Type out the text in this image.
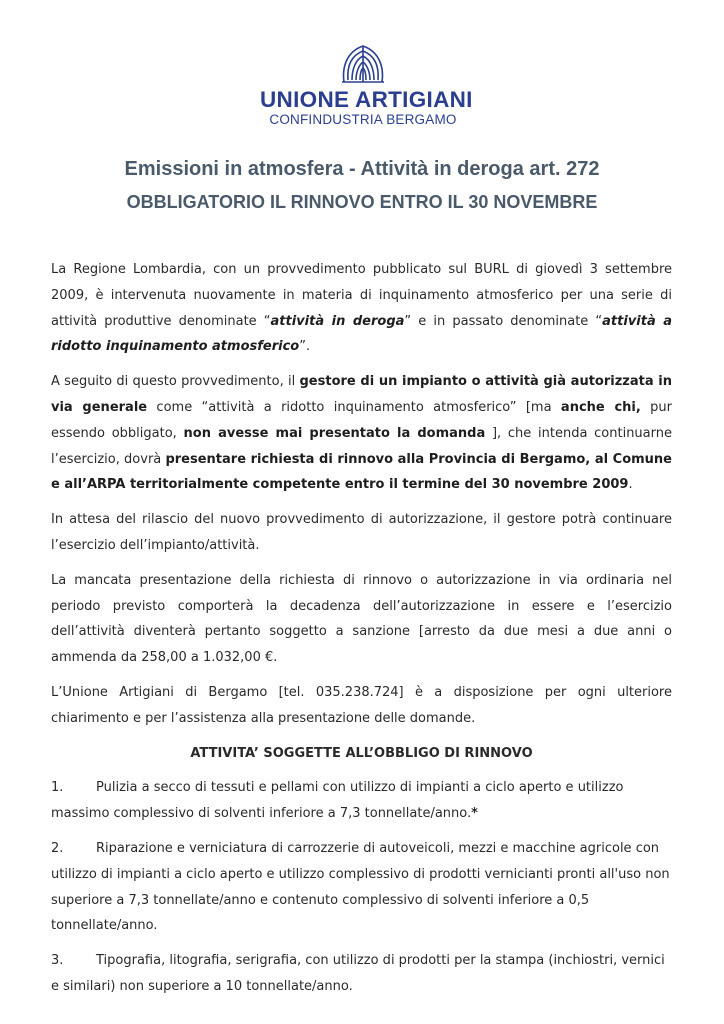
UNIONE ARTIGIANI
CONFINDUSTRIA BERGAMO
Emissioni in atmosfera - Attività in deroga art. 272
OBBLIGATORIO IL RINNOVO ENTRO IL 30 NOVEMBRE

La Regione Lombardia, con un provvedimento pubblicato sul BURL di giovedì 3 settembre 2009, è intervenuta nuovamente in materia di inquinamento atmosferico per una serie di attività produttive denominate “attività in deroga” e in passato denominate “attività a ridotto inquinamento atmosferico”.

A seguito di questo provvedimento, il gestore di un impianto o attività già autorizzata in via generale come “attività a ridotto inquinamento atmosferico” [ma anche chi, pur essendo obbligato, non avesse mai presentato la domanda ], che intenda continuarne l’esercizio, dovrà presentare richiesta di rinnovo alla Provincia di Bergamo, al Comune e all’ARPA territorialmente competente entro il termine del 30 novembre 2009.

In attesa del rilascio del nuovo provvedimento di autorizzazione, il gestore potrà continuare l’esercizio dell’impianto/attività.

La mancata presentazione della richiesta di rinnovo o autorizzazione in via ordinaria nel periodo previsto comporterà la decadenza dell’autorizzazione in essere e l’esercizio dell’attività diventerà pertanto soggetto a sanzione [arresto da due mesi a due anni o ammenda da 258,00 a 1.032,00 €.

L’Unione Artigiani di Bergamo [tel. 035.238.724] è a disposizione per ogni ulteriore chiarimento e per l’assistenza alla presentazione delle domande.

ATTIVITA’ SOGGETTE ALL’OBBLIGO DI RINNOVO

1.	Pulizia a secco di tessuti e pellami con utilizzo di impianti a ciclo aperto e utilizzo massimo complessivo di solventi inferiore a 7,3 tonnellate/anno.*

2.	Riparazione e verniciatura di carrozzerie di autoveicoli, mezzi e macchine agricole con utilizzo di impianti a ciclo aperto e utilizzo complessivo di prodotti vernicianti pronti all'uso non superiore a 7,3 tonnellate/anno e contenuto complessivo di solventi inferiore a 0,5 tonnellate/anno.

3.	Tipografia, litografia, serigrafia, con utilizzo di prodotti per la stampa (inchiostri, vernici e similari) non superiore a 10 tonnellate/anno.
